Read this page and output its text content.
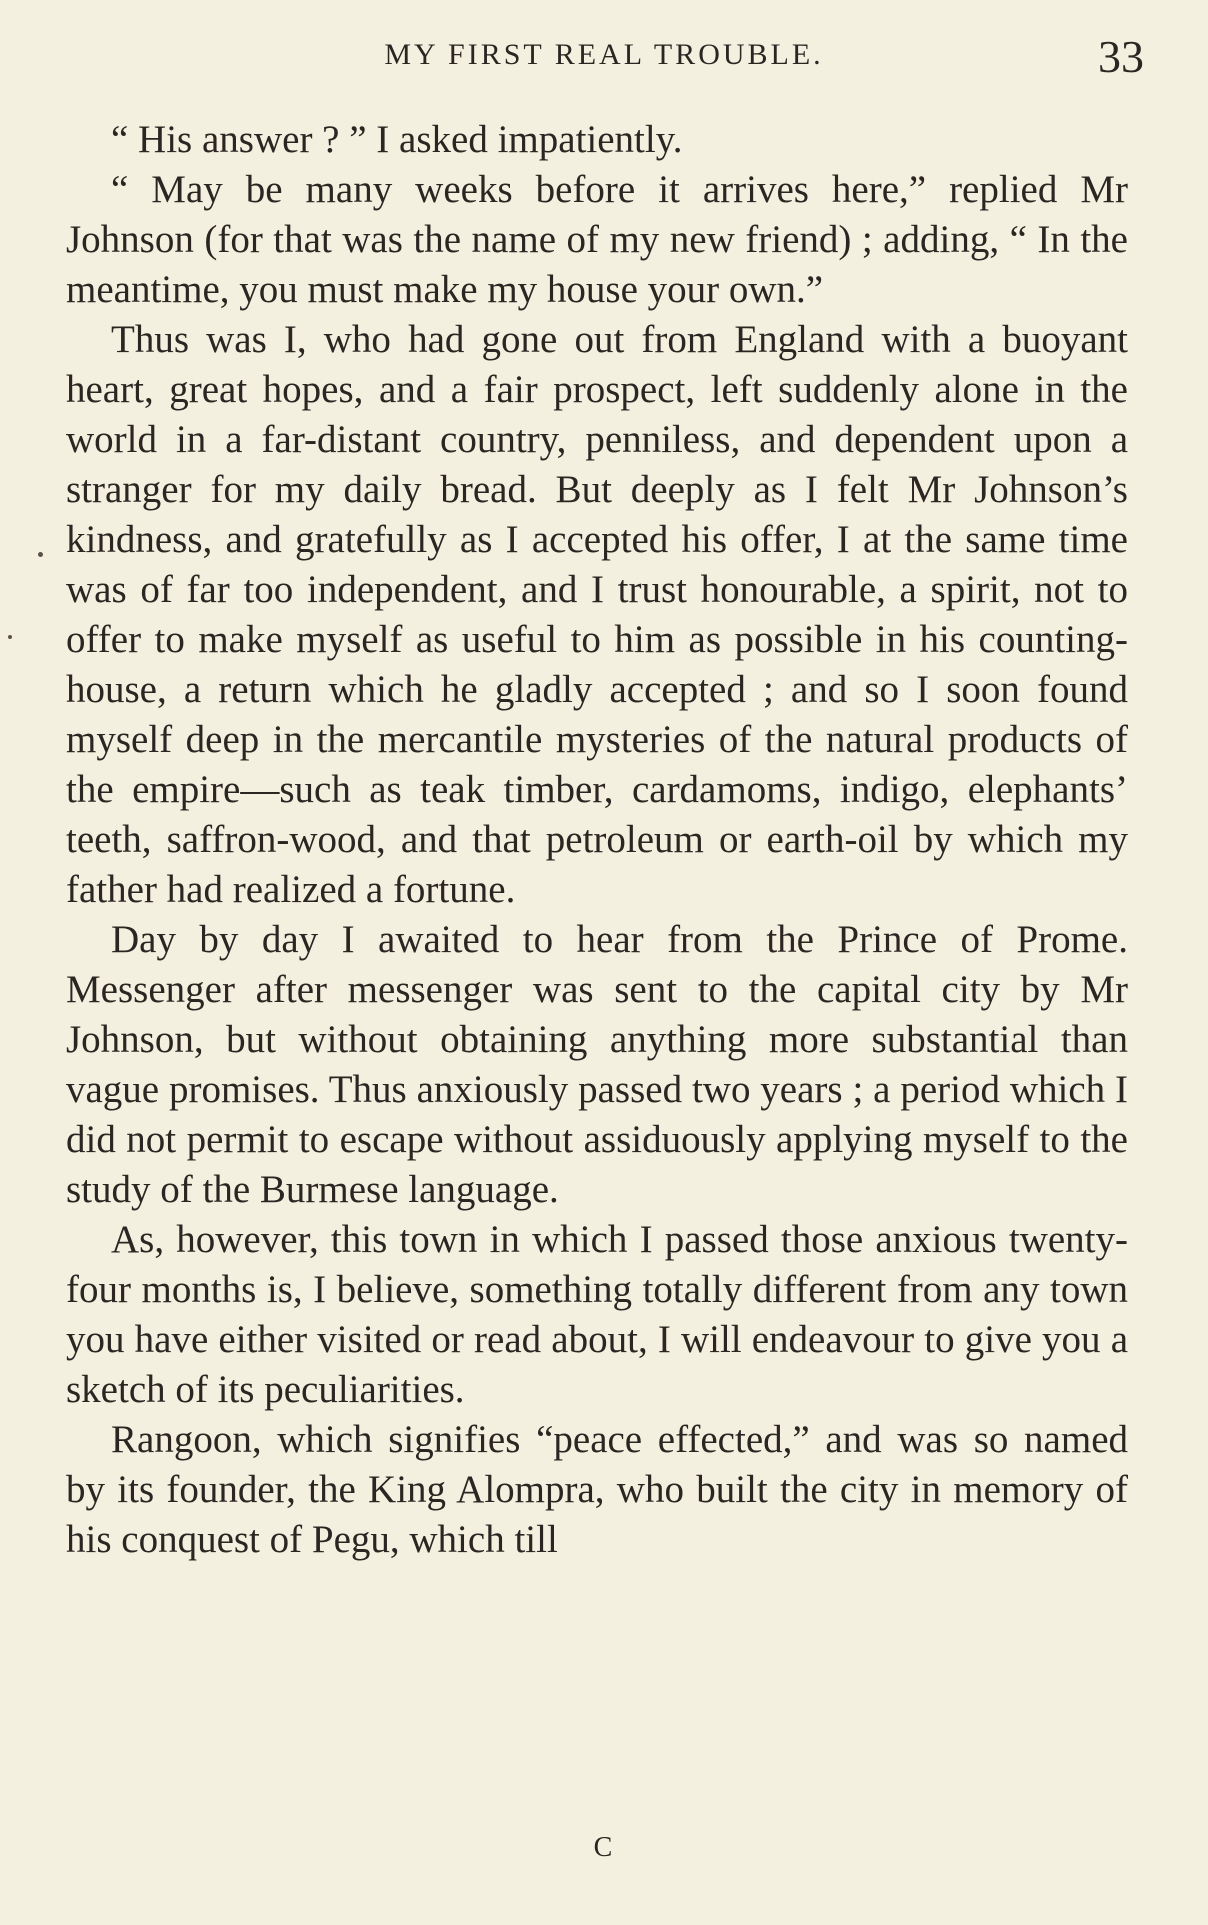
MY FIRST REAL TROUBLE.	33

“ His answer ? ” I asked impatiently.

“ May be many weeks before it arrives here,” replied Mr Johnson (for that was the name of my new friend) ; adding, “ In the meantime, you must make my house your own.”

Thus was I, who had gone out from England with a buoyant heart, great hopes, and a fair prospect, left suddenly alone in the world in a far-distant country, penniless, and dependent upon a stranger for my daily bread. But deeply as I felt Mr Johnson’s kindness, and gratefully as I accepted his offer, I at the same time was of far too independent, and I trust honourable, a spirit, not to offer to make myself as useful to him as possible in his counting-house, a return which he gladly accepted ; and so I soon found myself deep in the mercantile mysteries of the natural products of the empire—such as teak timber, cardamoms, indigo, elephants’ teeth, saffron-wood, and that petroleum or earth-oil by which my father had realized a fortune.

Day by day I awaited to hear from the Prince of Prome. Messenger after messenger was sent to the capital city by Mr Johnson, but without obtaining anything more substantial than vague promises. Thus anxiously passed two years ; a period which I did not permit to escape without assiduously applying myself to the study of the Burmese language.

As, however, this town in which I passed those anxious twenty-four months is, I believe, something totally different from any town you have either visited or read about, I will endeavour to give you a sketch of its peculiarities.

Rangoon, which signifies “peace effected,” and was so named by its founder, the King Alompra, who built the city in memory of his conquest of Pegu, which till

C
